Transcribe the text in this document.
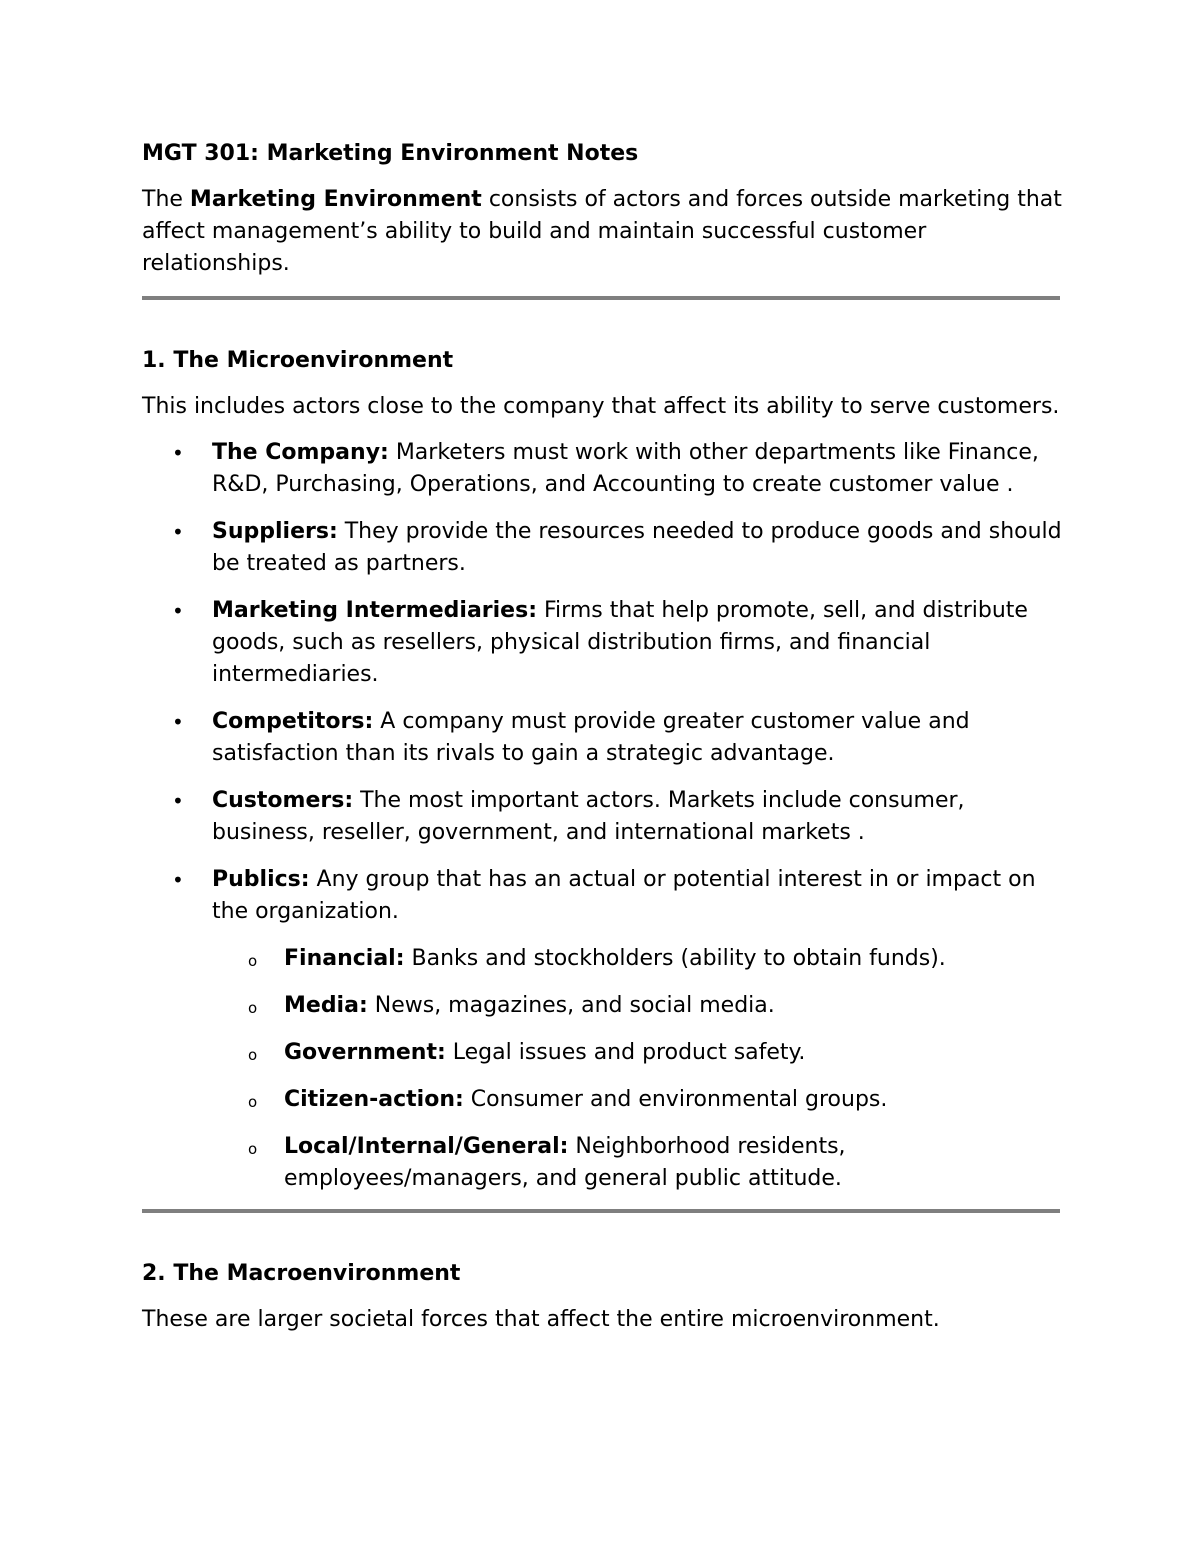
MGT 301: Marketing Environment Notes

The Marketing Environment consists of actors and forces outside marketing that affect management’s ability to build and maintain successful customer relationships.

1. The Microenvironment

This includes actors close to the company that affect its ability to serve customers.

• The Company: Marketers must work with other departments like Finance, R&D, Purchasing, Operations, and Accounting to create customer value .
• Suppliers: They provide the resources needed to produce goods and should be treated as partners.
• Marketing Intermediaries: Firms that help promote, sell, and distribute goods, such as resellers, physical distribution firms, and financial intermediaries.
• Competitors: A company must provide greater customer value and satisfaction than its rivals to gain a strategic advantage.
• Customers: The most important actors. Markets include consumer, business, reseller, government, and international markets .
• Publics: Any group that has an actual or potential interest in or impact on the organization.
o Financial: Banks and stockholders (ability to obtain funds).
o Media: News, magazines, and social media.
o Government: Legal issues and product safety.
o Citizen-action: Consumer and environmental groups.
o Local/Internal/General: Neighborhood residents, employees/managers, and general public attitude.

2. The Macroenvironment

These are larger societal forces that affect the entire microenvironment.
